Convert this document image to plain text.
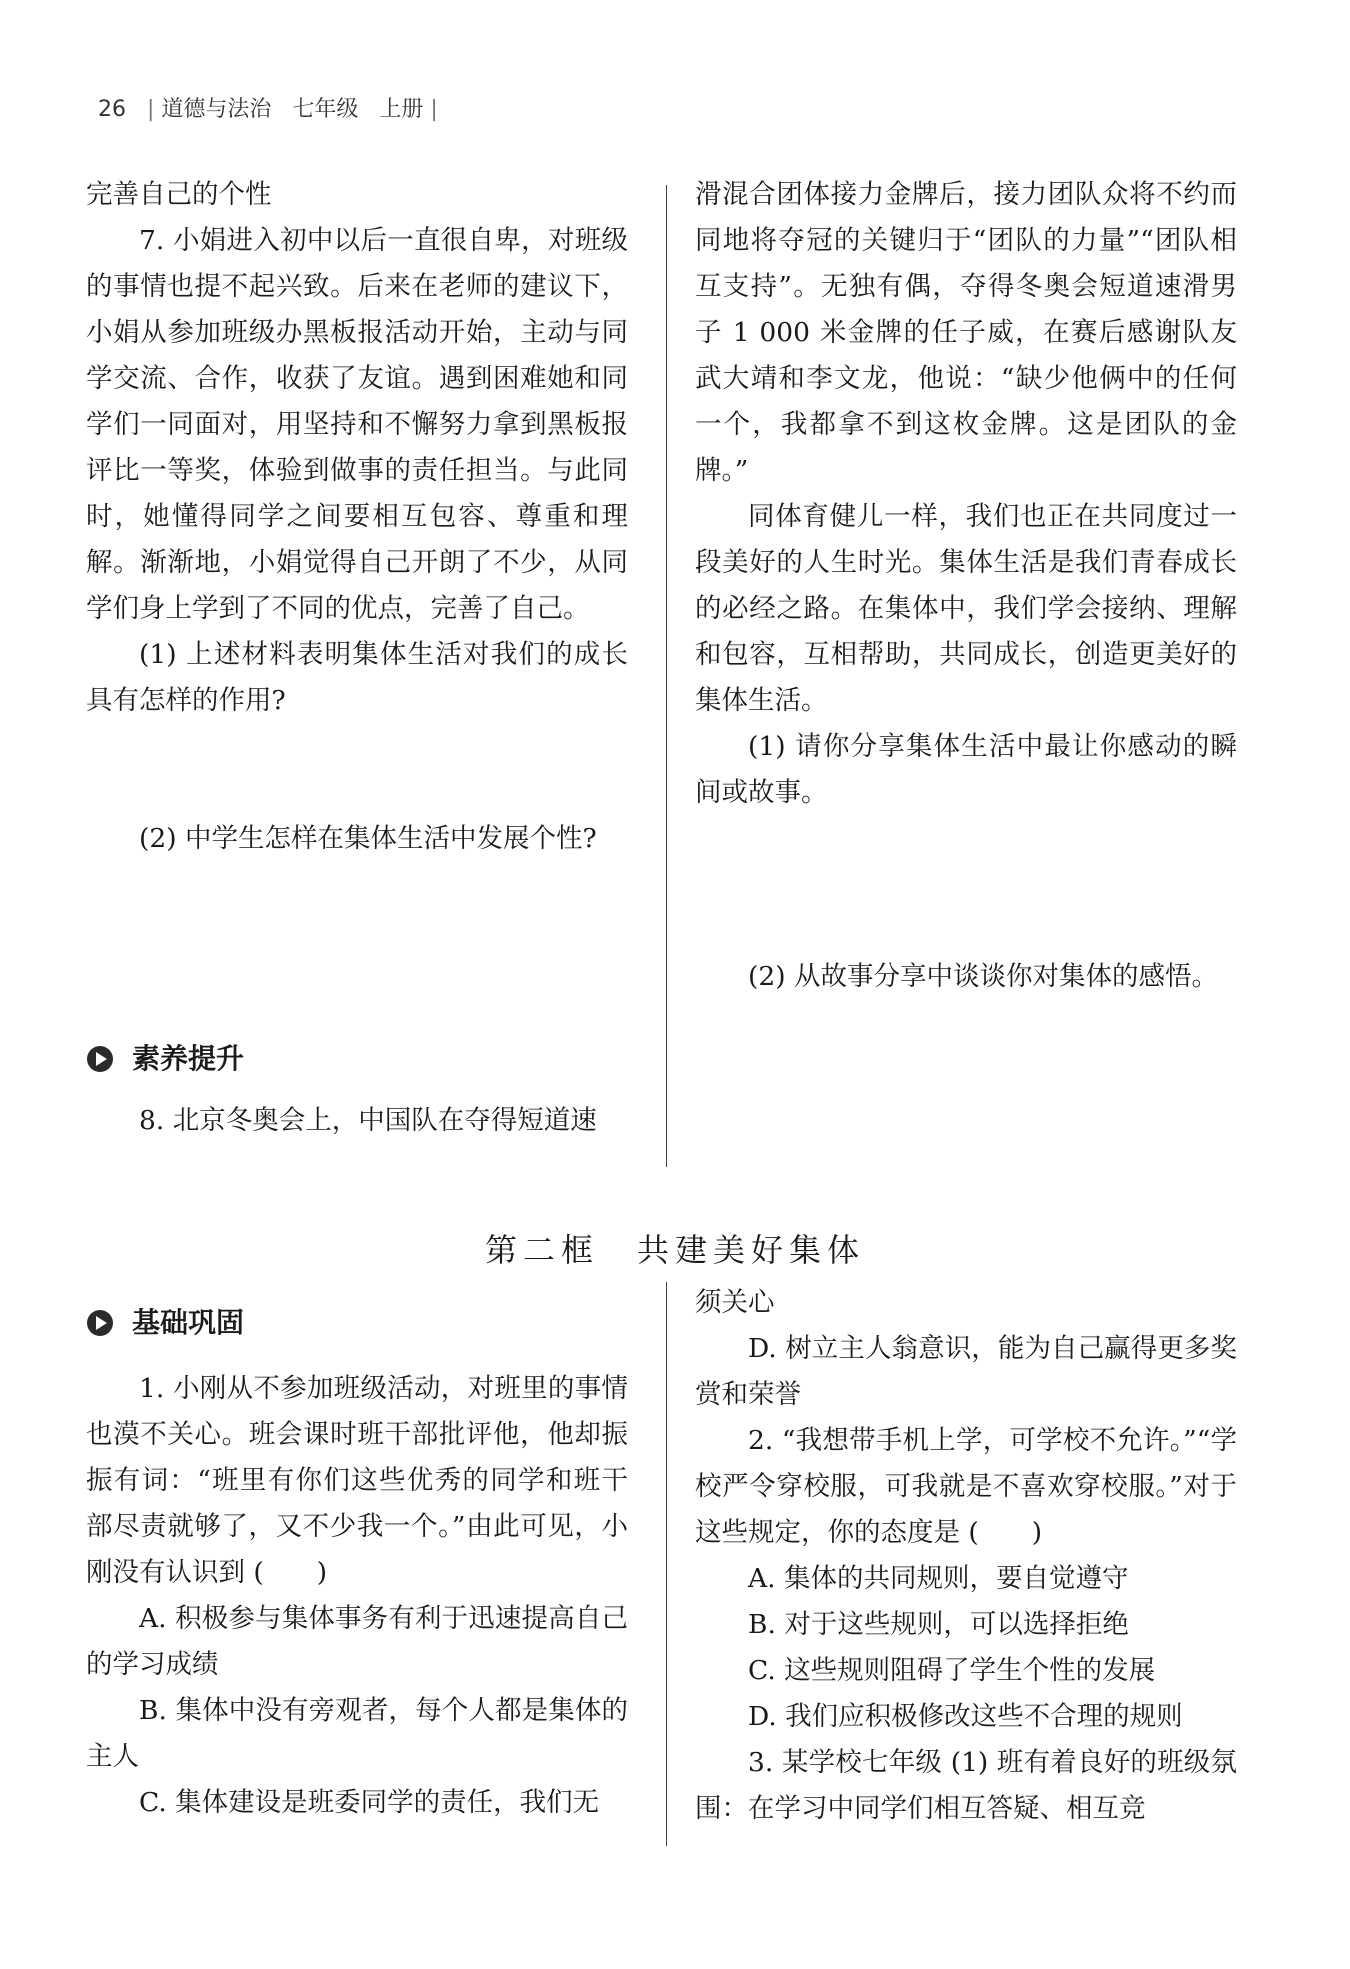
26 | 道德与法治 七年级 上册 |

完善自己的个性

7. 小娟进入初中以后一直很自卑，对班级的事情也提不起兴致。后来在老师的建议下，小娟从参加班级办黑板报活动开始，主动与同学交流、合作，收获了友谊。遇到困难她和同学们一同面对，用坚持和不懈努力拿到黑板报评比一等奖，体验到做事的责任担当。与此同时，她懂得同学之间要相互包容、尊重和理解。渐渐地，小娟觉得自己开朗了不少，从同学们身上学到了不同的优点，完善了自己。

(1) 上述材料表明集体生活对我们的成长具有怎样的作用?

(2) 中学生怎样在集体生活中发展个性?

素养提升

8. 北京冬奥会上，中国队在夺得短道速

滑混合团体接力金牌后，接力团队众将不约而同地将夺冠的关键归于“团队的力量”“团队相互支持”。无独有偶，夺得冬奥会短道速滑男子 1 000 米金牌的任子威，在赛后感谢队友武大靖和李文龙，他说：“缺少他俩中的任何一个，我都拿不到这枚金牌。这是团队的金牌。”

同体育健儿一样，我们也正在共同度过一段美好的人生时光。集体生活是我们青春成长的必经之路。在集体中，我们学会接纳、理解和包容，互相帮助，共同成长，创造更美好的集体生活。

(1) 请你分享集体生活中最让你感动的瞬间或故事。

(2) 从故事分享中谈谈你对集体的感悟。

第二框　共建美好集体
基础巩固

1. 小刚从不参加班级活动，对班里的事情也漠不关心。班会课时班干部批评他，他却振振有词：“班里有你们这些优秀的同学和班干部尽责就够了，又不少我一个。”由此可见，小刚没有认识到 (　　)

A. 积极参与集体事务有利于迅速提高自己的学习成绩

B. 集体中没有旁观者，每个人都是集体的主人

C. 集体建设是班委同学的责任，我们无

须关心

D. 树立主人翁意识，能为自己赢得更多奖赏和荣誉

2. “我想带手机上学，可学校不允许。”“学校严令穿校服，可我就是不喜欢穿校服。”对于这些规定，你的态度是 (　　)

A. 集体的共同规则，要自觉遵守

B. 对于这些规则，可以选择拒绝

C. 这些规则阻碍了学生个性的发展

D. 我们应积极修改这些不合理的规则

3. 某学校七年级 (1) 班有着良好的班级氛围：在学习中同学们相互答疑、相互竞
